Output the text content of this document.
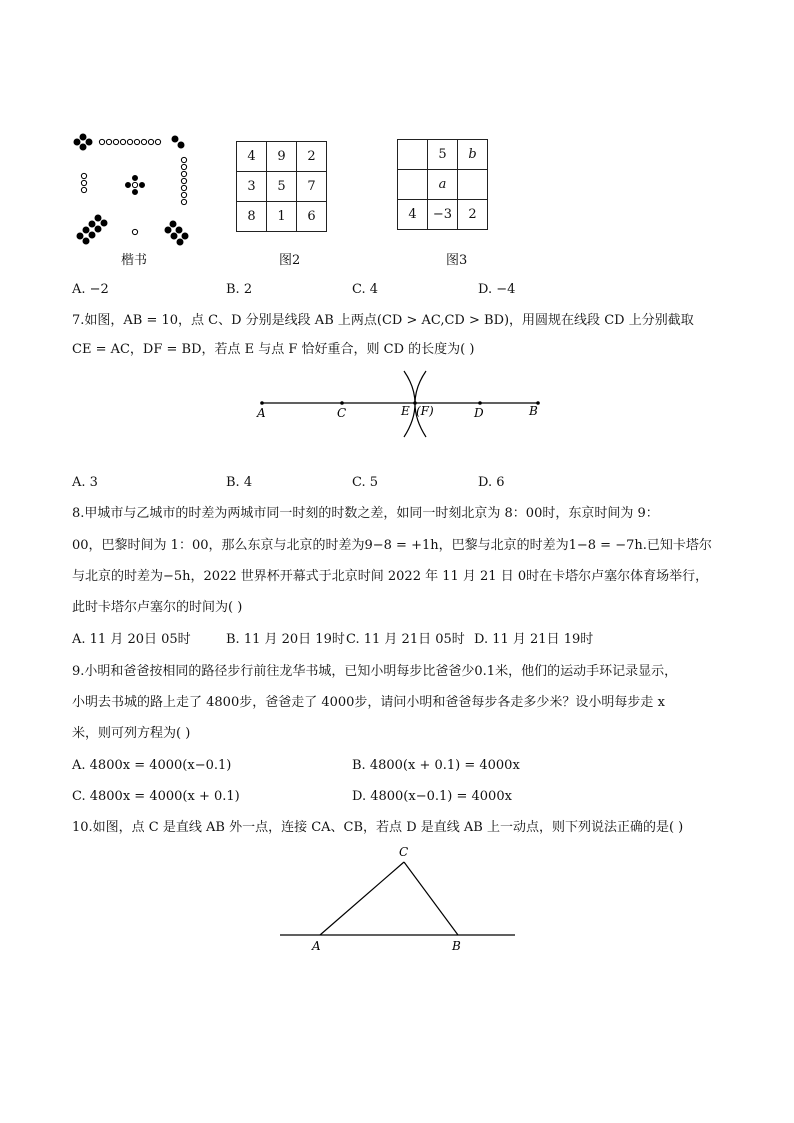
楷书
4	9	2
3	5	7
8	1	6
图2
	5	b
	a	
4	−3	2
图3
A. −2	B. 2	C. 4	D. −4
7.如图，AB = 10，点 C、D 分别是线段 AB 上两点(CD > AC,CD > BD)，用圆规在线段 CD 上分别截取
CE = AC，DF = BD，若点 E 与点 F 恰好重合，则 CD 的长度为( )
A	C	E (F)	D	B
A. 3	B. 4	C. 5	D. 6
8.甲城市与乙城市的时差为两城市同一时刻的时数之差，如同一时刻北京为 8：00时，东京时间为 9：
00，巴黎时间为 1：00，那么东京与北京的时差为9−8 = +1h，巴黎与北京的时差为1−8 = −7h.已知卡塔尔
与北京的时差为−5h，2022 世界杯开幕式于北京时间 2022 年 11 月 21 日 0时在卡塔尔卢塞尔体育场举行，
此时卡塔尔卢塞尔的时间为( )
A. 11 月 20日 05时	B. 11 月 20日 19时 C. 11 月 21日 05时 D. 11 月 21日 19时
9.小明和爸爸按相同的路径步行前往龙华书城，已知小明每步比爸爸少0.1米，他们的运动手环记录显示，
小明去书城的路上走了 4800步，爸爸走了 4000步，请问小明和爸爸每步各走多少米？设小明每步走 x
米，则可列方程为( )
A. 4800x = 4000(x−0.1)	B. 4800(x + 0.1) = 4000x
C. 4800x = 4000(x + 0.1)	D. 4800(x−0.1) = 4000x
10.如图，点 C 是直线 AB 外一点，连接 CA、CB，若点 D 是直线 AB 上一动点，则下列说法正确的是( )
C
A	B
